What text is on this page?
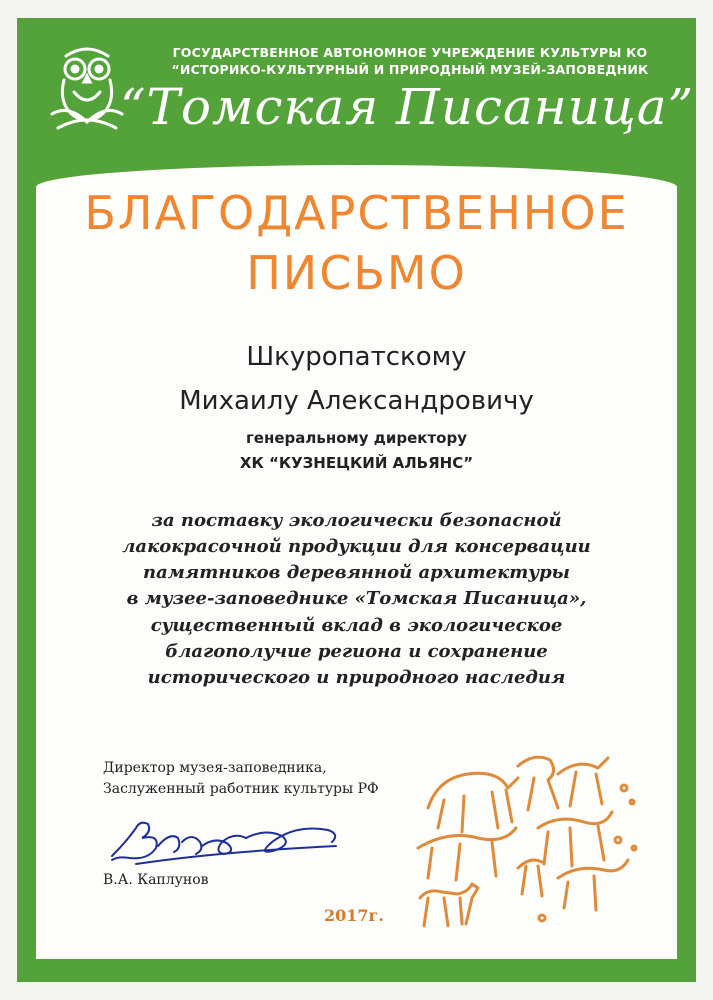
ГОСУДАРСТВЕННОЕ АВТОНОМНОЕ УЧРЕЖДЕНИЕ КУЛЬТУРЫ КО
“ИСТОРИКО-КУЛЬТУРНЫЙ И ПРИРОДНЫЙ МУЗЕЙ-ЗАПОВЕДНИК
“Томская Писаница”
БЛАГОДАРСТВЕННОЕ
ПИСЬМО
Шкуропатскому
Михаилу Александровичу
генеральному директору
ХК “КУЗНЕЦКИЙ АЛЬЯНС”
за поставку экологически безопасной
лакокрасочной продукции для консервации
памятников деревянной архитектуры
в музее-заповеднике «Томская Писаница»,
существенный вклад в экологическое
благополучие региона и сохранение
исторического и природного наследия
Директор музея-заповедника,
Заслуженный работник культуры РФ
В.А. Каплунов
2017г.
